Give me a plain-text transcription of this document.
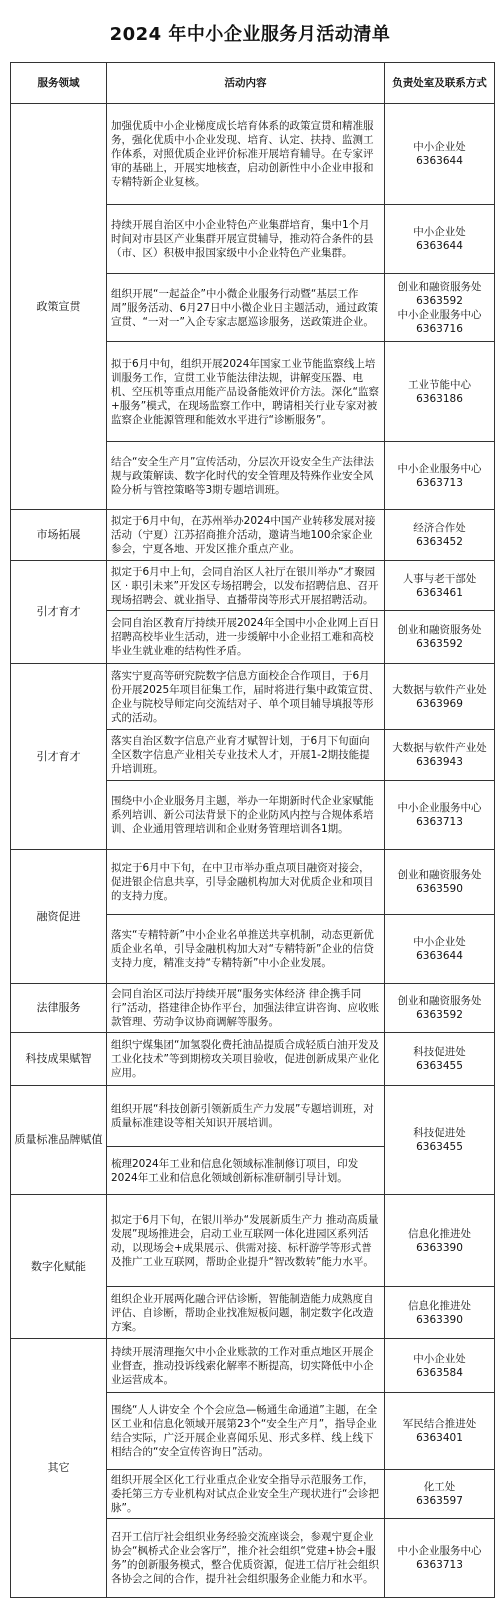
2024 年中小企业服务月活动清单
服务领域	活动内容	负责处室及联系方式
政策宣贯	加强优质中小企业梯度成长培育体系的政策宣贯和精准服务，强化优质中小企业发现、培育、认定、扶持、监测工作体系，对照优质企业评价标准开展培育辅导。在专家评审的基础上，开展实地核查，启动创新性中小企业申报和专精特新企业复核。	中小企业处
6363644

	持续开展自治区中小企业特色产业集群培育，集中1个月时间对市县区产业集群开展宣贯辅导，推动符合条件的县（市、区）积极申报国家级中小企业特色产业集群。	中小企业处
6363644

	组织开展“一起益企”中小微企业服务行动暨“基层工作周”服务活动、6月27日中小微企业日主题活动，通过政策宣贯、“一对一”入企专家志愿巡诊服务，送政策进企业。	创业和融资服务处
6363592
中小企业服务中心
6363716

	拟于6月中旬，组织开展2024年国家工业节能监察线上培训服务工作，宣贯工业节能法律法规，讲解变压器、电机、空压机等重点用能产品设备能效评价方法。深化“监察+服务”模式，在现场监察工作中，聘请相关行业专家对被监察企业能源管理和能效水平进行“诊断服务”。	工业节能中心
6363186

	结合“安全生产月”宣传活动，分层次开设安全生产法律法规与政策解读、数字化时代的安全管理及特殊作业安全风险分析与管控策略等3期专题培训班。	中小企业服务中心
6363713

市场拓展	拟定于6月中旬，在苏州举办2024中国产业转移发展对接活动（宁夏）江苏招商推介活动，邀请当地100余家企业参会，宁夏各地、开发区推介重点产业。	经济合作处
6363452

引才育才	拟定于6月中上旬，会同自治区人社厅在银川举办“才聚园区 · 职引未来”开发区专场招聘会，以发布招聘信息、召开现场招聘会、就业指导、直播带岗等形式开展招聘活动。	人事与老干部处
6363461

	会同自治区教育厅持续开展2024年全国中小企业网上百日招聘高校毕业生活动，进一步缓解中小企业招工难和高校毕业生就业难的结构性矛盾。	创业和融资服务处
6363592

引才育才	落实宁夏高等研究院数字信息方面校企合作项目，于6月份开展2025年项目征集工作，届时将进行集中政策宣贯、企业与院校导师定向交流结对子、单个项目辅导填报等形式的活动。	大数据与软件产业处
6363969

	落实自治区数字信息产业育才赋智计划，于6月下旬面向全区数字信息产业相关专业技术人才，开展1-2期技能提升培训班。	大数据与软件产业处
6363943

	围绕中小企业服务月主题，举办一年期新时代企业家赋能系列培训、新公司法背景下的企业防风内控与合规体系培训、企业通用管理培训和企业财务管理培训各1期。	中小企业服务中心
6363713

融资促进	拟定于6月中下旬，在中卫市举办重点项目融资对接会，促进银企信息共享，引导金融机构加大对优质企业和项目的支持力度。	创业和融资服务处
6363590

	落实“专精特新”中小企业名单推送共享机制，动态更新优质企业名单，引导金融机构加大对“专精特新”企业的信贷支持力度，精准支持“专精特新”中小企业发展。	中小企业处
6363644

法律服务	会同自治区司法厅持续开展“服务实体经济 律企携手同行”活动，搭建律企协作平台，加强法律宣讲咨询、应收账款管理、劳动争议协商调解等服务。	创业和融资服务处
6363592

科技成果赋智	组织宁煤集团“加氢裂化费托油品提质合成轻质白油开发及工业化技术”等到期榜攻关项目验收，促进创新成果产业化应用。	科技促进处
6363455

质量标准品牌赋值	组织开展“科技创新引领新质生产力发展”专题培训班，对质量标准建设等相关知识开展培训。	科技促进处
6363455

	梳理2024年工业和信息化领域标准制修订项目，印发2024年工业和信息化领域创新标准研制引导计划。	
数字化赋能	拟定于6月下旬，在银川举办“发展新质生产力 推动高质量发展”现场推进会，启动工业互联网一体化进园区系列活动，以现场会+成果展示、供需对接、标杆游学等形式普及推广工业互联网，帮助企业提升“智改数转”能力水平。	信息化推进处
6363390

	组织企业开展两化融合评估诊断，智能制造能力成熟度自评估、自诊断，帮助企业找准短板问题，制定数字化改造方案。	信息化推进处
6363390

其它	持续开展清理拖欠中小企业账款的工作对重点地区开展企业督查，推动投诉线索化解率不断提高，切实降低中小企业运营成本。	中小企业处
6363584

	围绕“人人讲安全 个个会应急—畅通生命通道”主题，在全区工业和信息化领域开展第23个“安全生产月”，指导企业结合实际，广泛开展企业喜闻乐见、形式多样、线上线下相结合的“安全宣传咨询日”活动。	军民结合推进处
6363401

	组织开展全区化工行业重点企业安全指导示范服务工作，委托第三方专业机构对试点企业安全生产现状进行“会诊把脉”。	化工处
6363597

	召开工信厅社会组织业务经验交流座谈会，参观宁夏企业协会“枫桥式企业会客厅”，推介社会组织“党建+协会+服务”的创新服务模式，整合优质资源，促进工信厅社会组织各协会之间的合作，提升社会组织服务企业能力和水平。	中小企业服务中心
6363713
